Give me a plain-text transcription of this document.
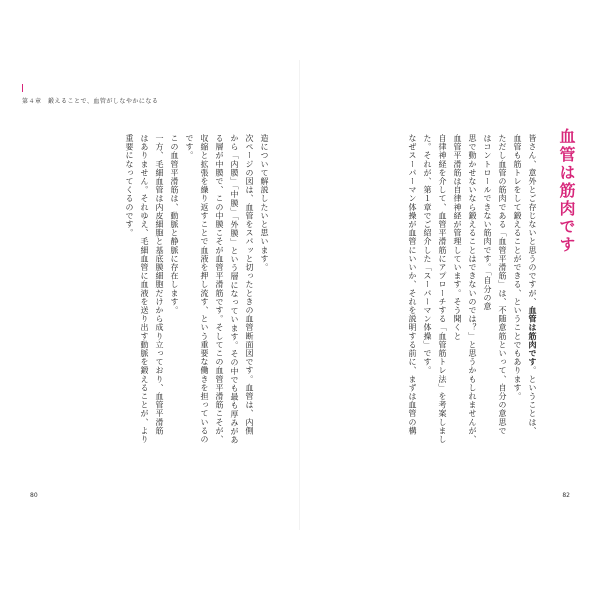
第４章　鍛えることで、血管がしなやかになる
造について解説したいと思います。
次ページの図は、血管をスパッと切ったときの血管断面図です。血管は、内側
から「内膜」「中膜」「外膜」という層になっています。その中でも最も厚みがあ
る層が中膜で、この中膜こそが血管平滑筋です。そしてこの血管平滑筋こそが、
収縮と拡張を繰り返すことで血液を押し流す、という重要な働きを担っているの
です。
この血管平滑筋は、動脈と静脈に存在します。
一方、毛細血管は内皮細胞と基底膜細胞だけから成り立っており、血管平滑筋
はありません。それゆえ、毛細血管に血液を送り出す動脈を鍛えることが、より
重要になってくるのです。
80
血管は筋肉です
皆さん、意外とご存じないと思うのですが、血管は筋肉です。ということは、
血管も筋トレをして鍛えることができる、ということでもあります。
ただし血管の筋肉である「血管平滑筋」は、不随意筋といって、自分の意思で
はコントロールできない筋肉です。「自分の意
思で動かせないなら鍛えることはできないのでは？」と思うかもしれませんが、
血管平滑筋は自律神経が管理しています。そう聞くと
自律神経を介して、血管平滑筋にアプローチする「血管筋トレ法」を考案しまし
た。それが、第１章でご紹介した「スーパーマン体操」です。
なぜスーパーマン体操が血管にいいか、それを説明する前に、まずは血管の構
82
